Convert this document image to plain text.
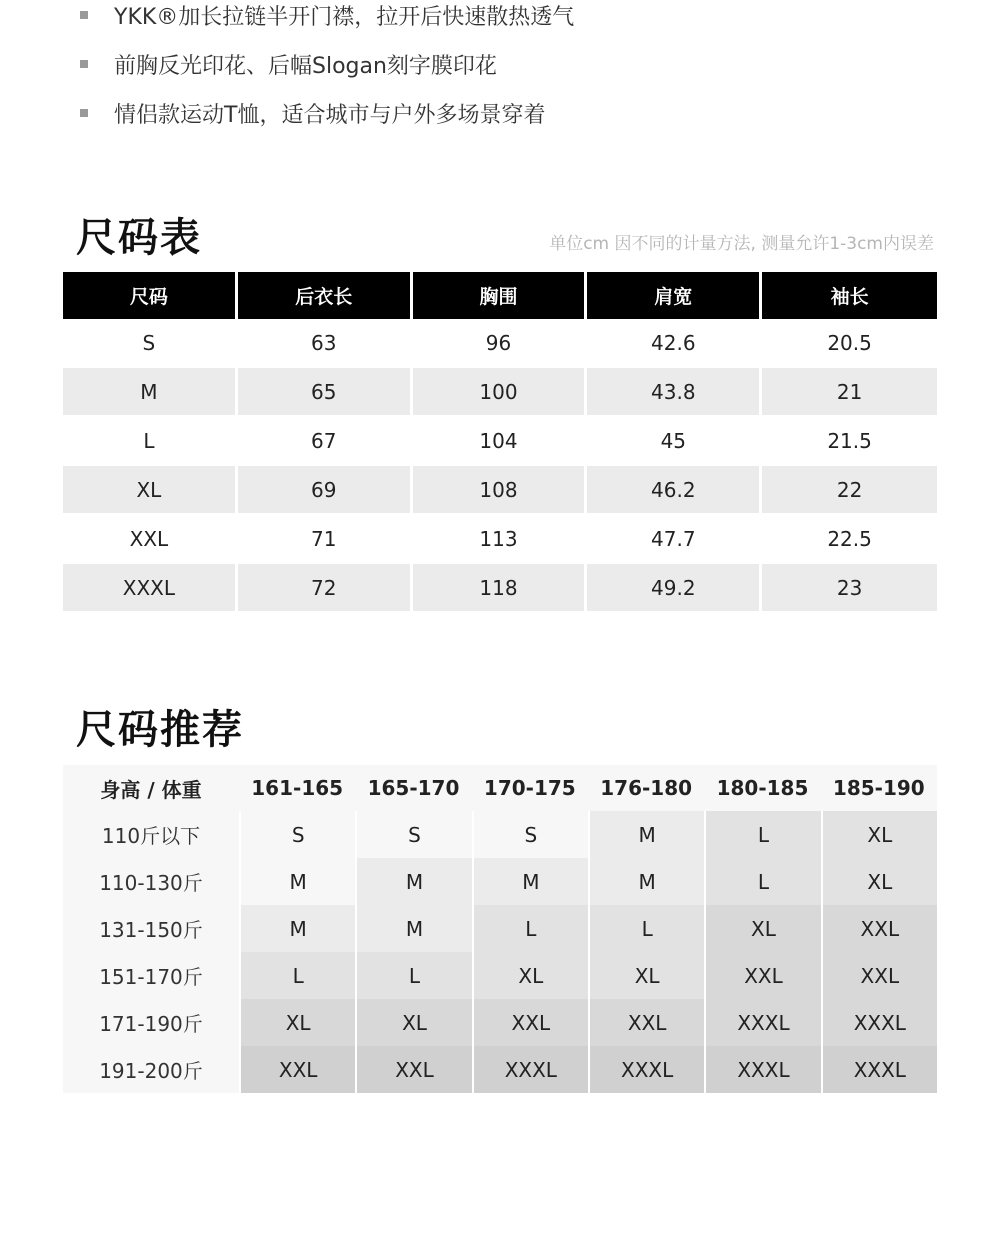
YKK®加长拉链半开门襟，拉开后快速散热透气
前胸反光印花、后幅Slogan刻字膜印花
情侣款运动T恤，适合城市与户外多场景穿着
尺码表	单位cm 因不同的计量方法, 测量允许1-3cm内误差
尺码	后衣长	胸围	肩宽	袖长
S	63	96	42.6	20.5
M	65	100	43.8	21
L	67	104	45	21.5
XL	69	108	46.2	22
XXL	71	113	47.7	22.5
XXXL	72	118	49.2	23
尺码推荐
身高 / 体重	161-165	165-170	170-175	176-180	180-185	185-190
110斤以下	S	S	S	M	L	XL
110-130斤	M	M	M	M	L	XL
131-150斤	M	M	L	L	XL	XXL
151-170斤	L	L	XL	XL	XXL	XXL
171-190斤	XL	XL	XXL	XXL	XXXL	XXXL
191-200斤	XXL	XXL	XXXL	XXXL	XXXL	XXXL
